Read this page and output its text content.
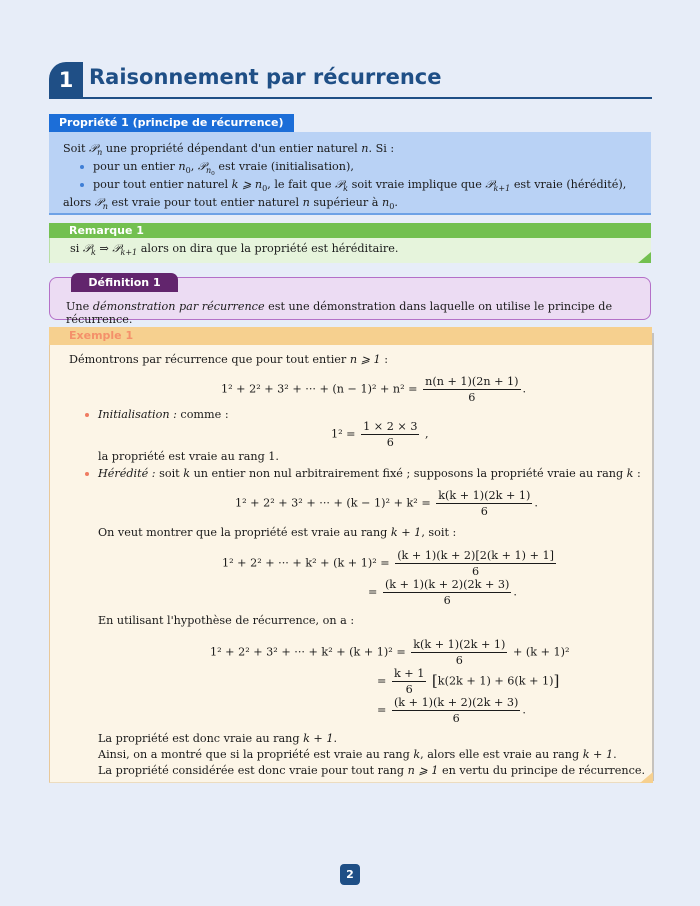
1 Raisonnement par récurrence
Propriété 1 (principe de récurrence)
Soit 𝒫$_n$ une propriété dépendant d'un entier naturel n. Si :
pour un entier $n_0$, 𝒫$_{n_0}$ est vraie (initialisation),
pour tout entier naturel k ⩾ $n_0$, le fait que 𝒫$_k$ soit vraie implique que 𝒫$_{k+1}$ est vraie (hérédité),
alors 𝒫$_n$ est vraie pour tout entier naturel n supérieur à $n_0$.
Remarque 1
si 𝒫$_k$ ⇒ 𝒫$_{k+1}$ alors on dira que la propriété est héréditaire.
Une démonstration par récurrence est une démonstration dans laquelle on utilise le principe de récurrence.
Définition 1
Exemple 1
Démontrons par récurrence que pour tout entier n ⩾ 1 :
1² + 2² + 3² + ··· + $(n - 1)^2 + n^2 = \frac{n(n + 1)(2n + 1)}{6}$ .
Initialisation : comme :
$1^2 = \frac{1 \times 2 \times 3}{6}$ ,
la propriété est vraie au rang 1.
Hérédité : soit k un entier non nul arbitrairement fixé ; supposons la propriété vraie au rang k :
1² + 2² + 3² + ··· + $(k - 1)^2 + k^2 = \frac{k(k + 1)(2k + 1)}{6}$ .
On veut montrer que la propriété est vraie au rang k + 1, soit :
1² + 2² + ··· + $k^2 + (k + 1)^2 = \frac{(k + 1)(k + 2)[2(k + 1) + 1]}{6}$
= $\frac{(k + 1)(k + 2)(2k + 3)}{6}$ .
En utilisant l'hypothèse de récurrence, on a :
1² + 2² + 3² + ··· + $k^2 + (k + 1)^2 = \frac{k(k + 1)(2k + 1)}{6} + (k + 1)^2$
= $\frac{k + 1}{6} [k(2k + 1) + 6(k + 1)]$
= $\frac{(k + 1)(k + 2)(2k + 3)}{6}$ .
La propriété est donc vraie au rang k + 1.
Ainsi, on a montré que si la propriété est vraie au rang k, alors elle est vraie au rang k + 1.
La propriété considérée est donc vraie pour tout rang n ⩾ 1 en vertu du principe de récurrence.
2
